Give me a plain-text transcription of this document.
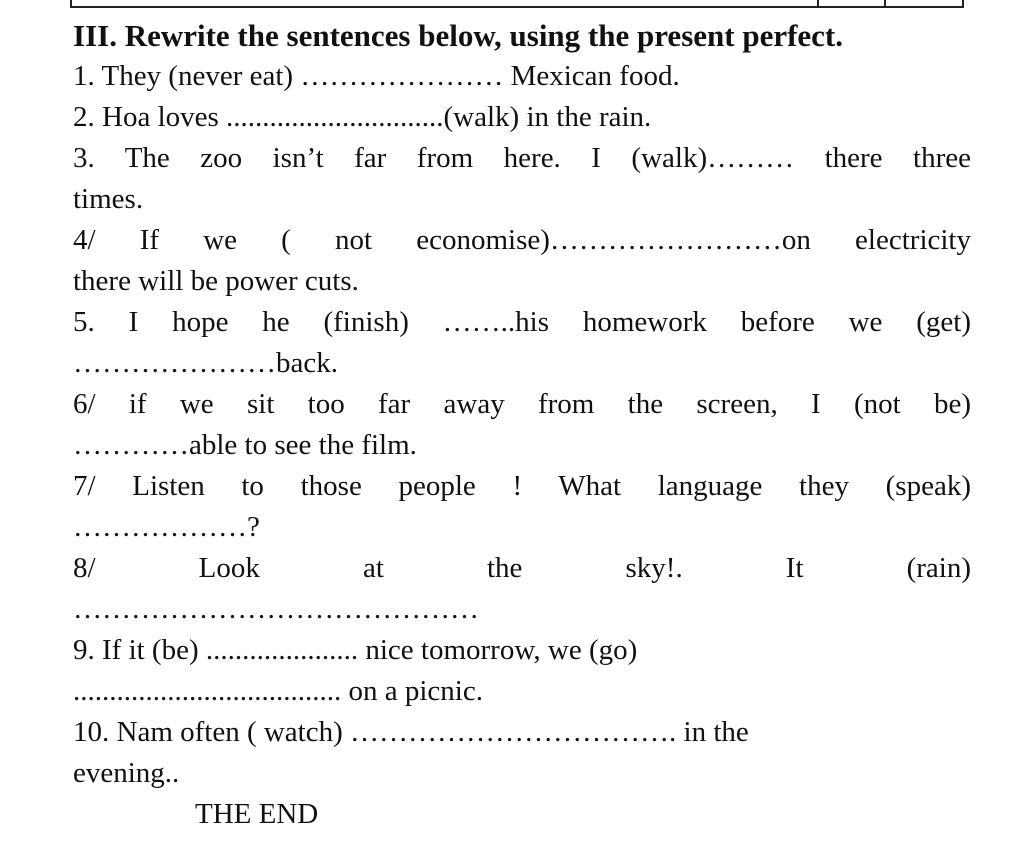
III. Rewrite the sentences below, using the present perfect.
1. They (never eat) ………………… Mexican food.
2. Hoa loves ..............................(walk) in the rain.
3. The zoo isn’t far from here. I (walk)……… there three
times.
4/ If we ( not economise)……………………on electricity
there will be power cuts.
5. I hope he (finish) ……..his homework before we (get)
…………………back.
6/ if we sit too far away from the screen, I (not be)
…………able to see the film.
7/ Listen to those people ! What language they (speak)
………………?
8/ Look at the sky!. It (rain)
……………………………………
9. If it (be) ..................... nice tomorrow, we (go)
..................................... on a picnic.
10. Nam often ( watch) ……………………………. in the
evening..
THE END
